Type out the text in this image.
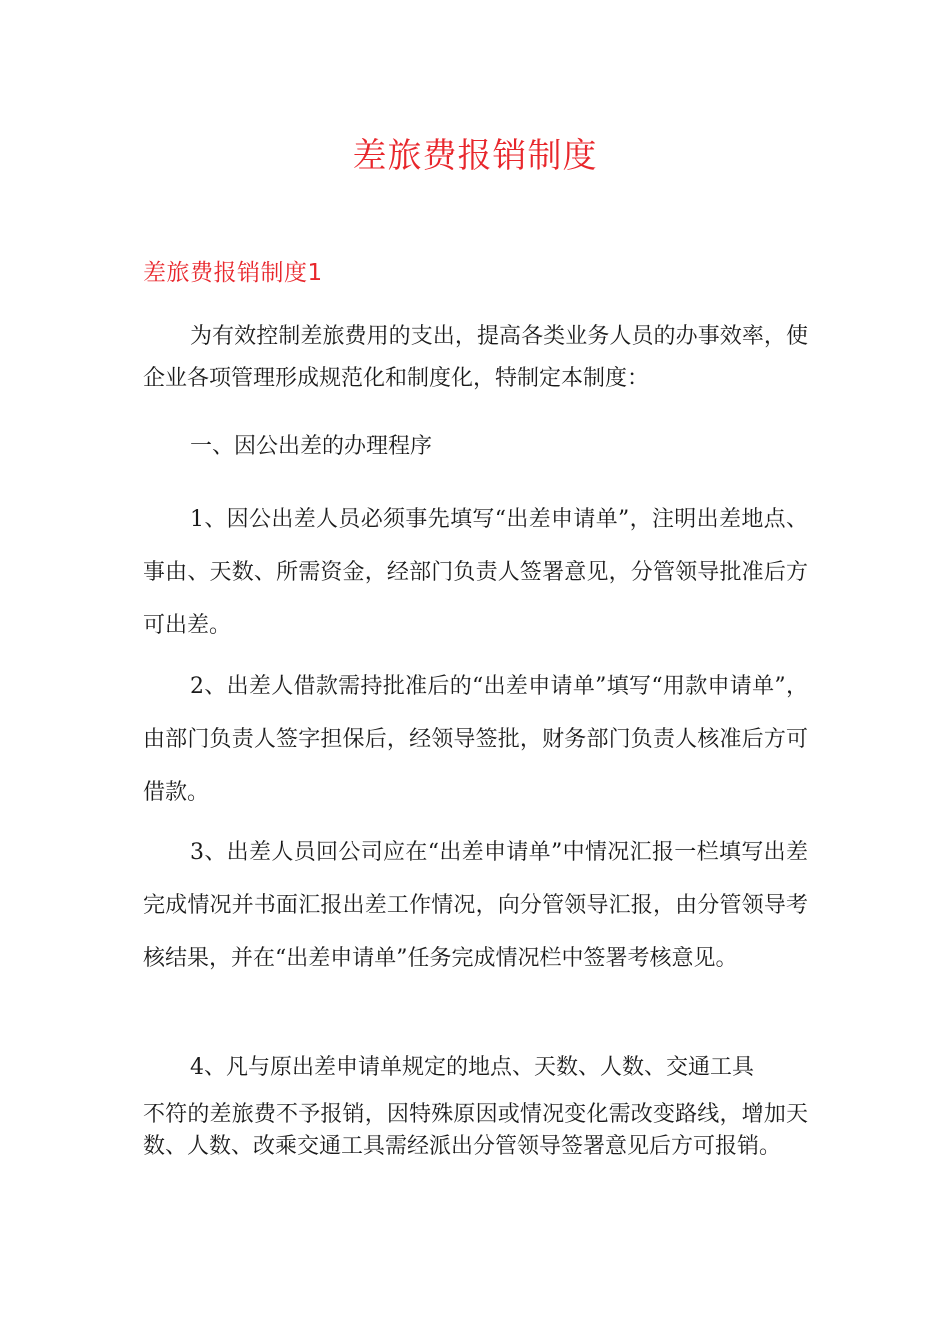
差旅费报销制度
差旅费报销制度1

为有效控制差旅费用的支出，提高各类业务人员的办事效率，使企业各项管理形成规范化和制度化，特制定本制度：

一、因公出差的办理程序

1、因公出差人员必须事先填写“出差申请单”，注明出差地点、事由、天数、所需资金，经部门负责人签署意见，分管领导批准后方可出差。

2、出差人借款需持批准后的“出差申请单”填写“用款申请单”，由部门负责人签字担保后，经领导签批，财务部门负责人核准后方可借款。

3、出差人员回公司应在“出差申请单”中情况汇报一栏填写出差完成情况并书面汇报出差工作情况，向分管领导汇报，由分管领导考核结果，并在“出差申请单”任务完成情况栏中签署考核意见。

4、凡与原出差申请单规定的地点、天数、人数、交通工具

不符的差旅费不予报销，因特殊原因或情况变化需改变路线，增加天数、人数、改乘交通工具需经派出分管领导签署意见后方可报销。
